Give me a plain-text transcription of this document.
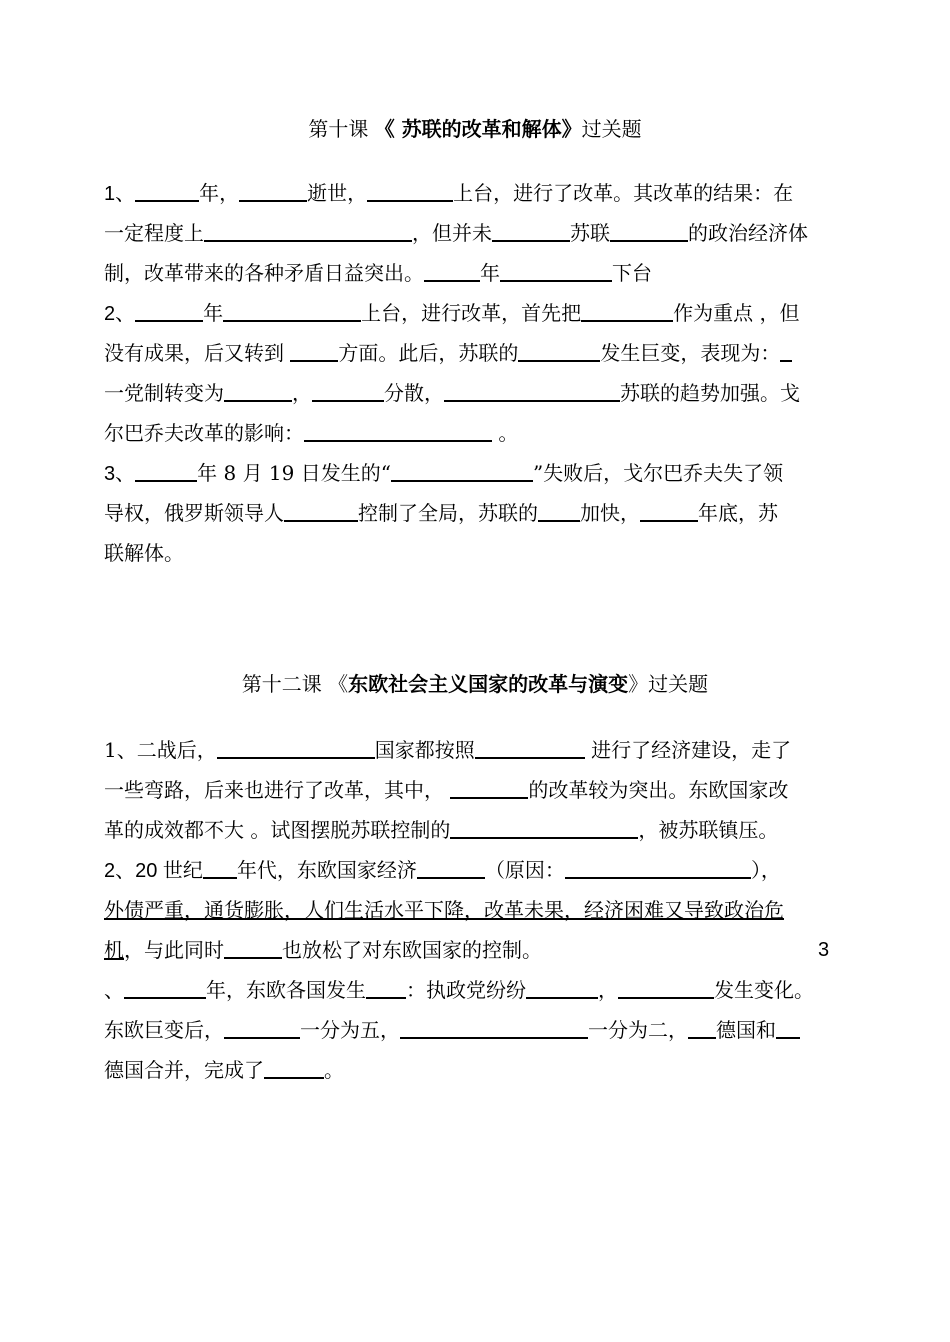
第十课 《 苏联的改革和解体》过关题
1、	年，	逝世，	上台，进行了改革。其改革的结果：在
一定程度上	，但并未	苏联	的政治经济体
制，改革带来的各种矛盾日益突出。	年	下台
2、	年	上台，进行改革，首先把	作为重点 ，但
没有成果，后又转到 方面。此后，苏联的	发生巨变，表现为：
一党制转变为	，	分散，	苏联的趋势加强。戈
尔巴乔夫改革的影响：	。
3、	年 8 月 19 日发生的“	”失败后，戈尔巴乔夫失了领
导权，俄罗斯领导人	控制了全局，苏联的 加快，	年底，苏
联解体。
第十二课 《东欧社会主义国家的改革与演变》过关题
1、二战后，	国家都按照	进行了经济建设，走了
一些弯路，后来也进行了改革，其中，	的改革较为突出。东欧国家改
革的成效都不大 。试图摆脱苏联控制的	，被苏联镇压。
2、20 世纪 年代，东欧国家经济	（原因：	），
外债严重，通货膨胀，人们生活水平下降，改革未果，经济困难又导致政治危
机，与此同时	也放松了对东欧国家的控制。	3
、	年，东欧各国发生 ：执政党纷纷	，	发生变化。
东欧巨变后，	一分为五，	一分为二， 德国和
德国合并，完成了	。
